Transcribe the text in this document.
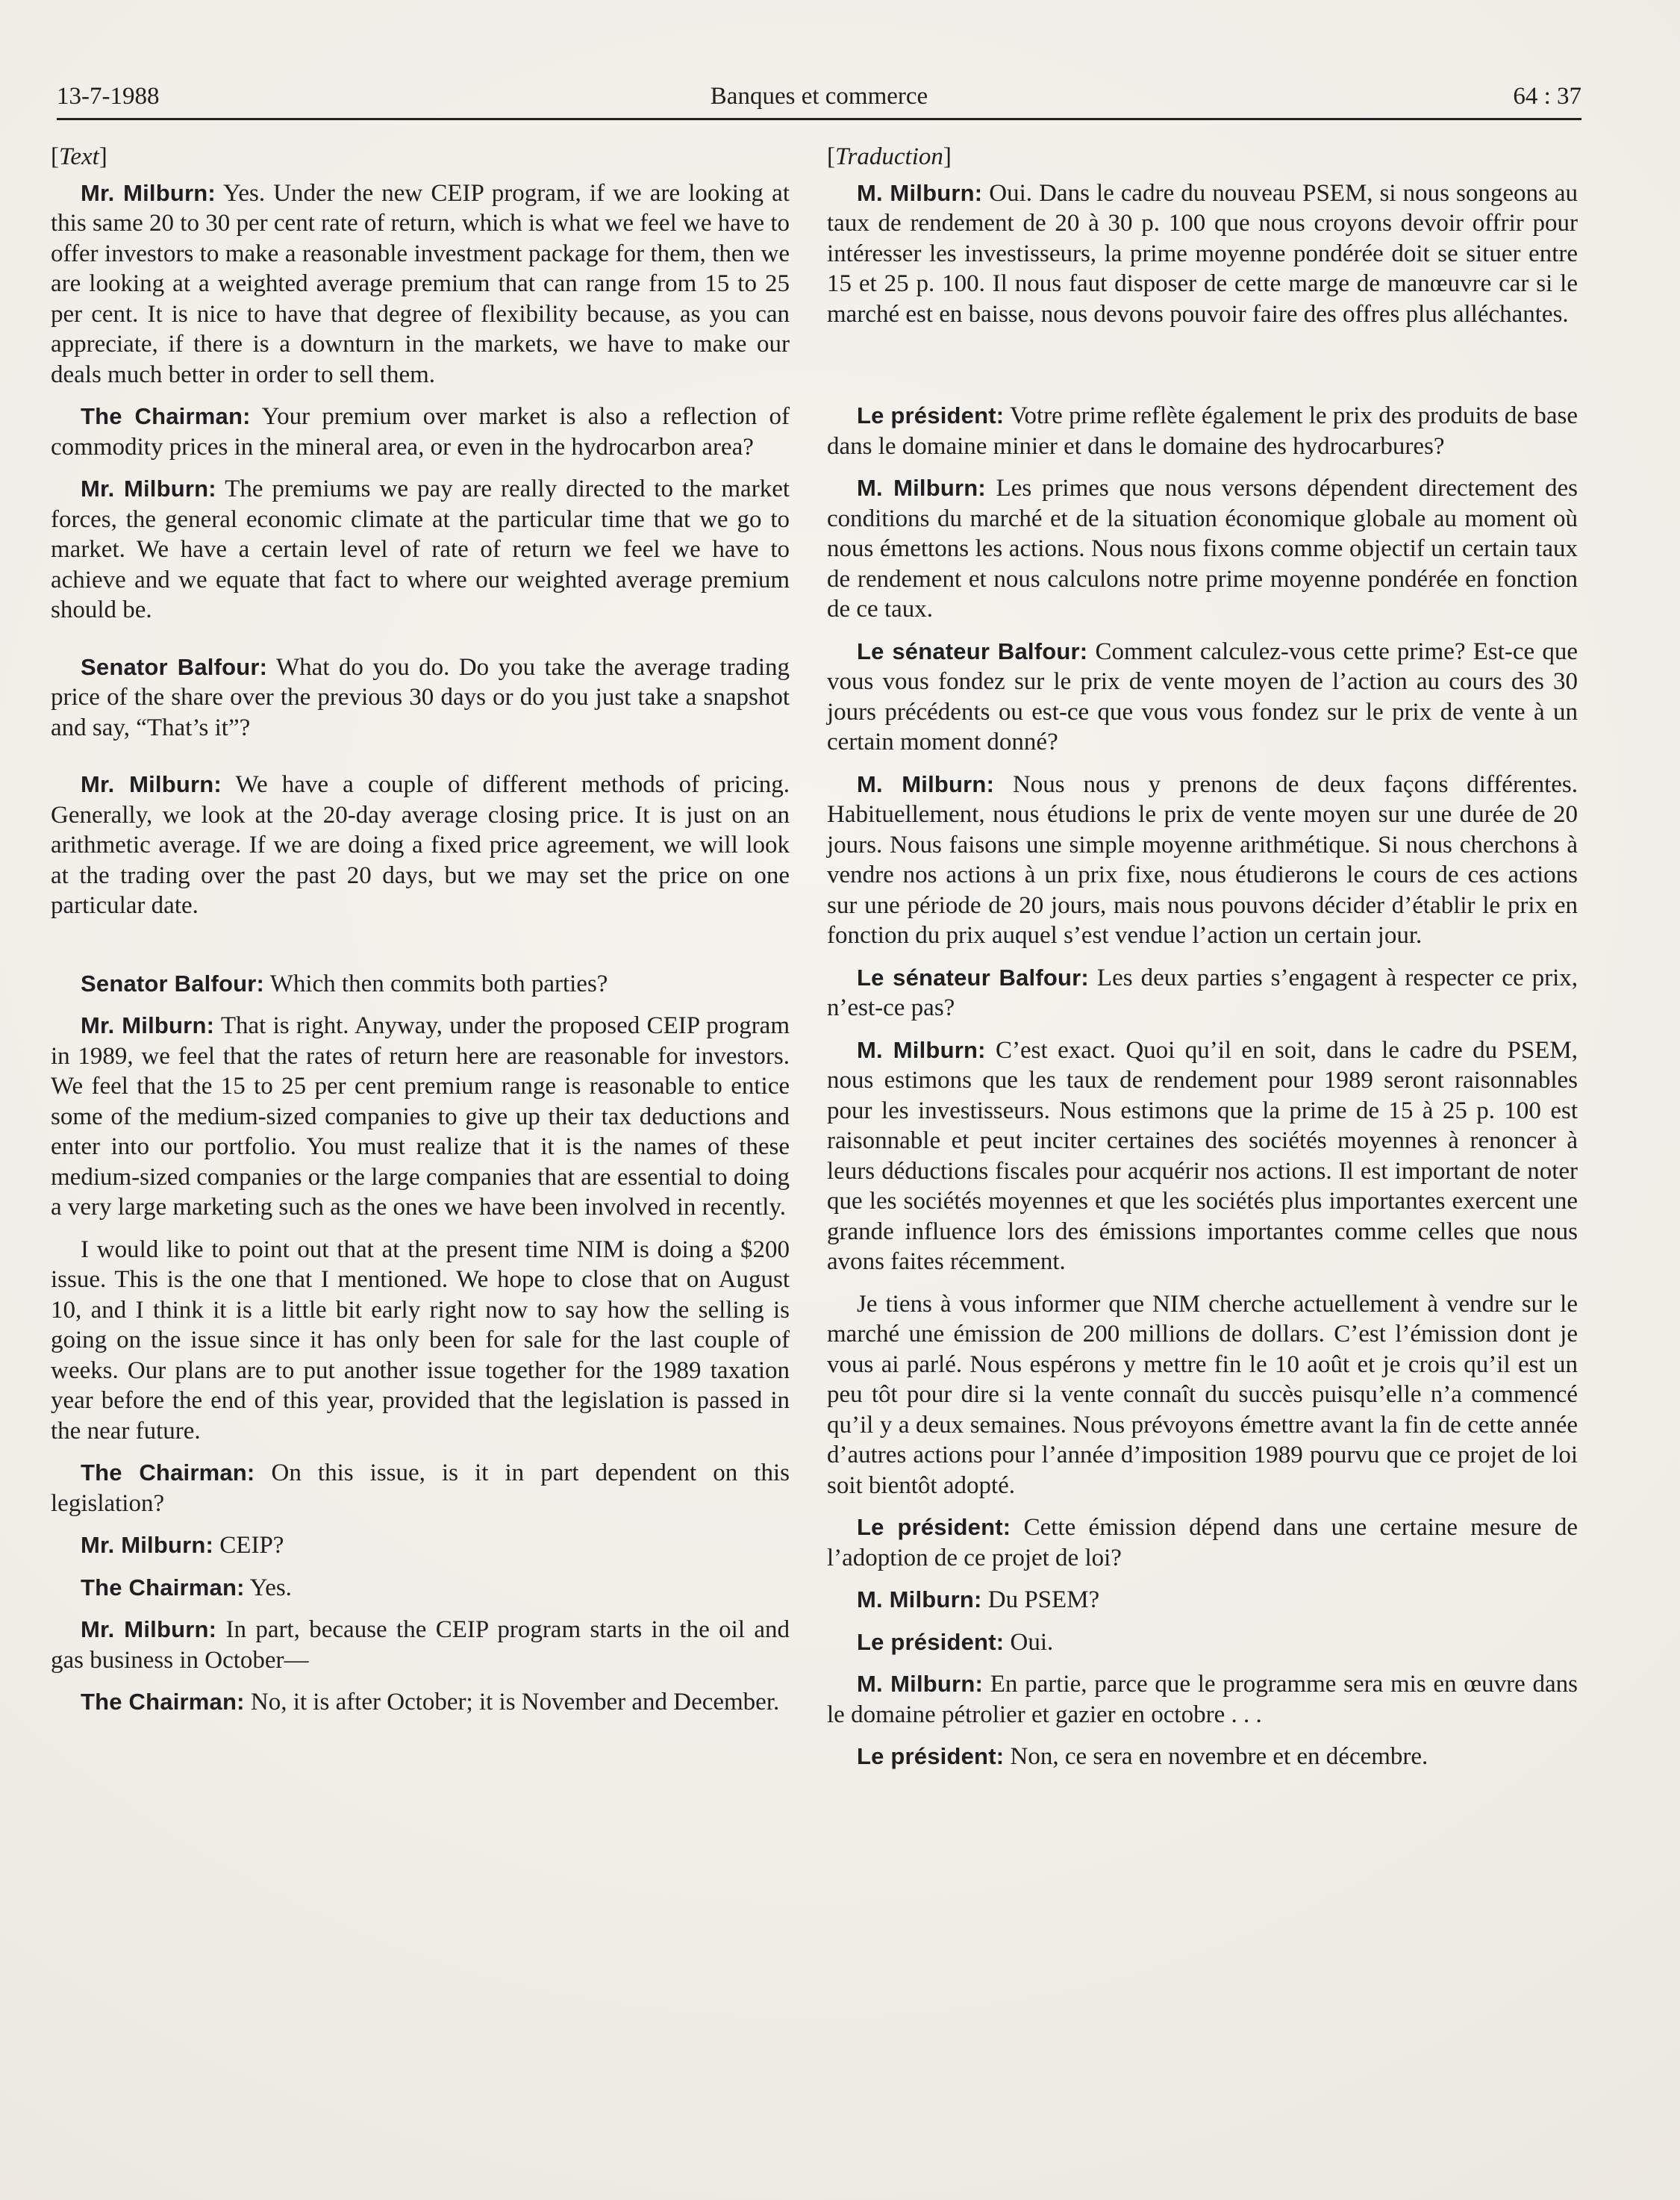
13-7-1988	Banques et commerce	64 : 37
[Text]

Mr. Milburn: Yes. Under the new CEIP program, if we are looking at this same 20 to 30 per cent rate of return, which is what we feel we have to offer investors to make a reasonable investment package for them, then we are looking at a weighted average premium that can range from 15 to 25 per cent. It is nice to have that degree of flexibility because, as you can appreciate, if there is a downturn in the markets, we have to make our deals much better in order to sell them.

The Chairman: Your premium over market is also a reflection of commodity prices in the mineral area, or even in the hydrocarbon area?

Mr. Milburn: The premiums we pay are really directed to the market forces, the general economic climate at the particular time that we go to market. We have a certain level of rate of return we feel we have to achieve and we equate that fact to where our weighted average premium should be.

Senator Balfour: What do you do. Do you take the average trading price of the share over the previous 30 days or do you just take a snapshot and say, “That’s it”?

Mr. Milburn: We have a couple of different methods of pricing. Generally, we look at the 20-day average closing price. It is just on an arithmetic average. If we are doing a fixed price agreement, we will look at the trading over the past 20 days, but we may set the price on one particular date.

Senator Balfour: Which then commits both parties?

Mr. Milburn: That is right. Anyway, under the proposed CEIP program in 1989, we feel that the rates of return here are reasonable for investors. We feel that the 15 to 25 per cent premium range is reasonable to entice some of the medium-sized companies to give up their tax deductions and enter into our portfolio. You must realize that it is the names of these medium-sized companies or the large companies that are essential to doing a very large marketing such as the ones we have been involved in recently.

I would like to point out that at the present time NIM is doing a $200 issue. This is the one that I mentioned. We hope to close that on August 10, and I think it is a little bit early right now to say how the selling is going on the issue since it has only been for sale for the last couple of weeks. Our plans are to put another issue together for the 1989 taxation year before the end of this year, provided that the legislation is passed in the near future.

The Chairman: On this issue, is it in part dependent on this legislation?

Mr. Milburn: CEIP?

The Chairman: Yes.

Mr. Milburn: In part, because the CEIP program starts in the oil and gas business in October—

The Chairman: No, it is after October; it is November and December.

[Traduction]

M. Milburn: Oui. Dans le cadre du nouveau PSEM, si nous songeons au taux de rendement de 20 à 30 p. 100 que nous croyons devoir offrir pour intéresser les investisseurs, la prime moyenne pondérée doit se situer entre 15 et 25 p. 100. Il nous faut disposer de cette marge de manœuvre car si le marché est en baisse, nous devons pouvoir faire des offres plus alléchantes.

Le président: Votre prime reflète également le prix des produits de base dans le domaine minier et dans le domaine des hydrocarbures?

M. Milburn: Les primes que nous versons dépendent directement des conditions du marché et de la situation économique globale au moment où nous émettons les actions. Nous nous fixons comme objectif un certain taux de rendement et nous calculons notre prime moyenne pondérée en fonction de ce taux.

Le sénateur Balfour: Comment calculez-vous cette prime? Est-ce que vous vous fondez sur le prix de vente moyen de l’action au cours des 30 jours précédents ou est-ce que vous vous fondez sur le prix de vente à un certain moment donné?

M. Milburn: Nous nous y prenons de deux façons différentes. Habituellement, nous étudions le prix de vente moyen sur une durée de 20 jours. Nous faisons une simple moyenne arithmétique. Si nous cherchons à vendre nos actions à un prix fixe, nous étudierons le cours de ces actions sur une période de 20 jours, mais nous pouvons décider d’établir le prix en fonction du prix auquel s’est vendue l’action un certain jour.

Le sénateur Balfour: Les deux parties s’engagent à respecter ce prix, n’est-ce pas?

M. Milburn: C’est exact. Quoi qu’il en soit, dans le cadre du PSEM, nous estimons que les taux de rendement pour 1989 seront raisonnables pour les investisseurs. Nous estimons que la prime de 15 à 25 p. 100 est raisonnable et peut inciter certaines des sociétés moyennes à renoncer à leurs déductions fiscales pour acquérir nos actions. Il est important de noter que les sociétés moyennes et que les sociétés plus importantes exercent une grande influence lors des émissions importantes comme celles que nous avons faites récemment.

Je tiens à vous informer que NIM cherche actuellement à vendre sur le marché une émission de 200 millions de dollars. C’est l’émission dont je vous ai parlé. Nous espérons y mettre fin le 10 août et je crois qu’il est un peu tôt pour dire si la vente connaît du succès puisqu’elle n’a commencé qu’il y a deux semaines. Nous prévoyons émettre avant la fin de cette année d’autres actions pour l’année d’imposition 1989 pourvu que ce projet de loi soit bientôt adopté.

Le président: Cette émission dépend dans une certaine mesure de l’adoption de ce projet de loi?

M. Milburn: Du PSEM?

Le président: Oui.

M. Milburn: En partie, parce que le programme sera mis en œuvre dans le domaine pétrolier et gazier en octobre . . .

Le président: Non, ce sera en novembre et en décembre.
